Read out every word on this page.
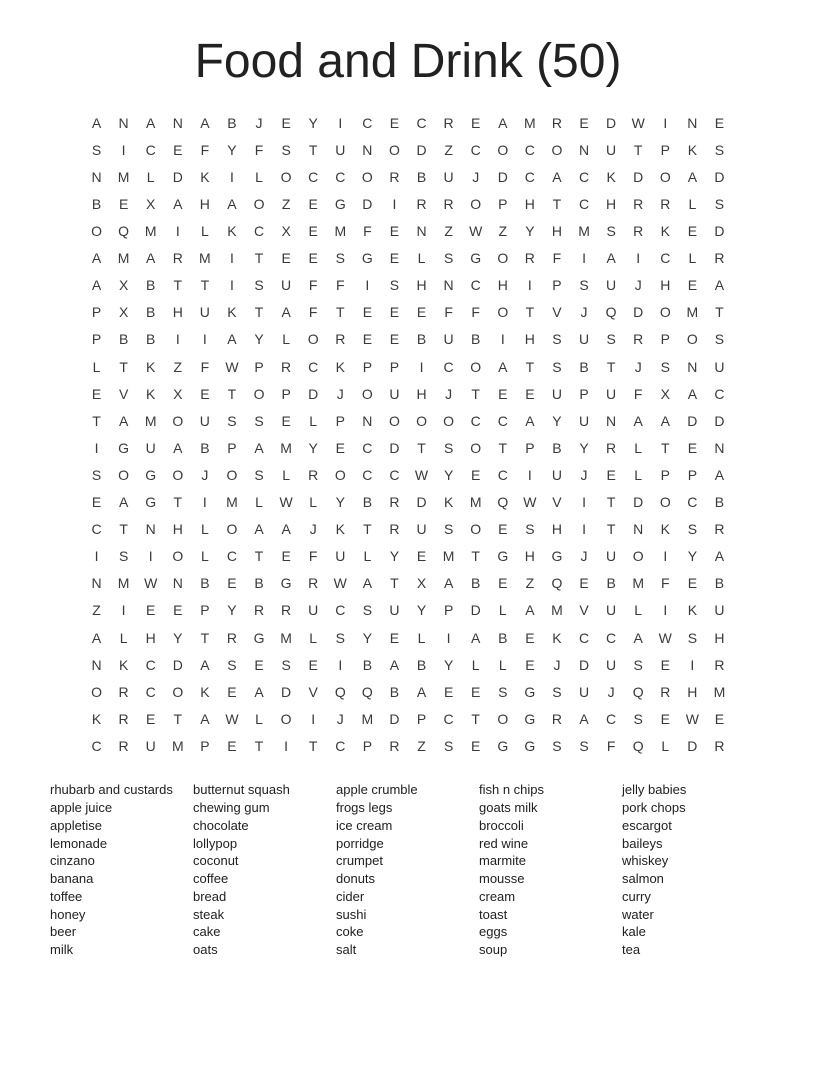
Food and Drink (50)
A	N	A	N	A	B	J	E	Y	I	C	E	C	R	E	A	M	R	E	D	W	I	N	E
S	I	C	E	F	Y	F	S	T	U	N	O	D	Z	C	O	C	O	N	U	T	P	K	S
N	M	L	D	K	I	L	O	C	C	O	R	B	U	J	D	C	A	C	K	D	O	A	D
B	E	X	A	H	A	O	Z	E	G	D	I	R	R	O	P	H	T	C	H	R	R	L	S
O	Q	M	I	L	K	C	X	E	M	F	E	N	Z	W	Z	Y	H	M	S	R	K	E	D
A	M	A	R	M	I	T	E	E	S	G	E	L	S	G	O	R	F	I	A	I	C	L	R
A	X	B	T	T	I	S	U	F	F	I	S	H	N	C	H	I	P	S	U	J	H	E	A
P	X	B	H	U	K	T	A	F	T	E	E	E	F	F	O	T	V	J	Q	D	O	M	T
P	B	B	I	I	A	Y	L	O	R	E	E	B	U	B	I	H	S	U	S	R	P	O	S
L	T	K	Z	F	W	P	R	C	K	P	P	I	C	O	A	T	S	B	T	J	S	N	U
E	V	K	X	E	T	O	P	D	J	O	U	H	J	T	E	E	U	P	U	F	X	A	C
T	A	M	O	U	S	S	E	L	P	N	O	O	O	C	C	A	Y	U	N	A	A	D	D
I	G	U	A	B	P	A	M	Y	E	C	D	T	S	O	T	P	B	Y	R	L	T	E	N
S	O	G	O	J	O	S	L	R	O	C	C	W	Y	E	C	I	U	J	E	L	P	P	A
E	A	G	T	I	M	L	W	L	Y	B	R	D	K	M	Q	W	V	I	T	D	O	C	B
C	T	N	H	L	O	A	A	J	K	T	R	U	S	O	E	S	H	I	T	N	K	S	R
I	S	I	O	L	C	T	E	F	U	L	Y	E	M	T	G	H	G	J	U	O	I	Y	A
N	M	W	N	B	E	B	G	R	W	A	T	X	A	B	E	Z	Q	E	B	M	F	E	B
Z	I	E	E	P	Y	R	R	U	C	S	U	Y	P	D	L	A	M	V	U	L	I	K	U
A	L	H	Y	T	R	G	M	L	S	Y	E	L	I	A	B	E	K	C	C	A	W	S	H
N	K	C	D	A	S	E	S	E	I	B	A	B	Y	L	L	E	J	D	U	S	E	I	R
O	R	C	O	K	E	A	D	V	Q	Q	B	A	E	E	S	G	S	U	J	Q	R	H	M
K	R	E	T	A	W	L	O	I	J	M	D	P	C	T	O	G	R	A	C	S	E	W	E
C	R	U	M	P	E	T	I	T	C	P	R	Z	S	E	G	G	S	S	F	Q	L	D	R
rhubarb and custards
apple juice
appletise
lemonade
cinzano
banana
toffee
honey
beer
milk
butternut squash
chewing gum
chocolate
lollypop
coconut
coffee
bread
steak
cake
oats
apple crumble
frogs legs
ice cream
porridge
crumpet
donuts
cider
sushi
coke
salt
fish n chips
goats milk
broccoli
red wine
marmite
mousse
cream
toast
eggs
soup
jelly babies
pork chops
escargot
baileys
whiskey
salmon
curry
water
kale
tea
